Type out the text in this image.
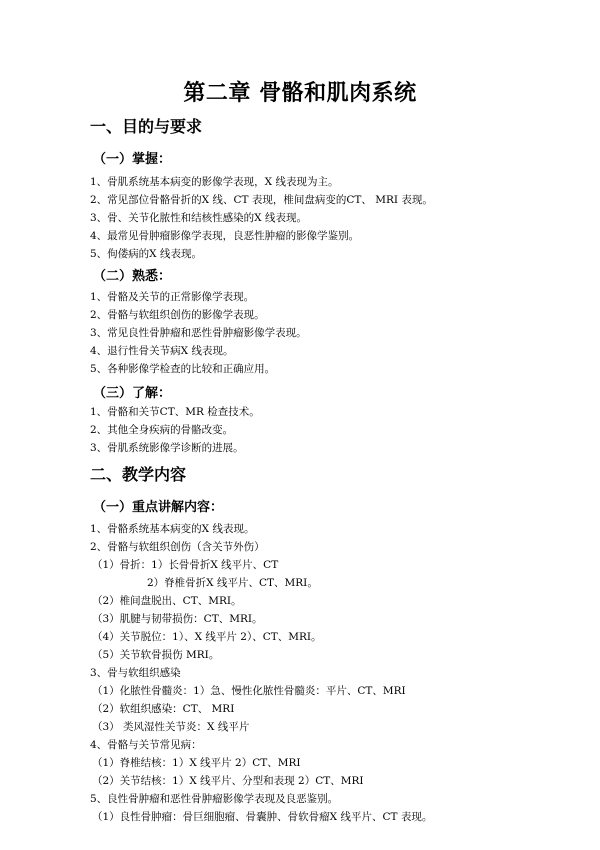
第二章 骨骼和肌肉系统
一、目的与要求
（一）掌握：
1、骨肌系统基本病变的影像学表现，X 线表现为主。
2、常见部位骨骼骨折的X 线、CT 表现，椎间盘病变的CT、 MRI 表现。
3、骨、关节化脓性和结核性感染的X 线表现。
4、最常见骨肿瘤影像学表现，良恶性肿瘤的影像学鉴别。
5、佝偻病的X 线表现。
（二）熟悉：
1、骨骼及关节的正常影像学表现。
2、骨骼与软组织创伤的影像学表现。
3、常见良性骨肿瘤和恶性骨肿瘤影像学表现。
4、退行性骨关节病X 线表现。
5、各种影像学检查的比较和正确应用。
（三）了解：
1、骨骼和关节CT、MR 检查技术。
2、其他全身疾病的骨骼改变。
3、骨肌系统影像学诊断的进展。
二、教学内容
（一）重点讲解内容：
1、骨骼系统基本病变的X 线表现。
2、骨骼与软组织创伤（含关节外伤）
（1）骨折：1）长骨骨折X 线平片、CT
2）脊椎骨折X 线平片、CT、MRI。
（2）椎间盘脱出、CT、MRI。
（3）肌腱与韧带损伤：CT、MRI。
（4）关节脱位：1）、X 线平片 2）、CT、MRI。
（5）关节软骨损伤 MRI。
3、骨与软组织感染
（1）化脓性骨髓炎：1）急、慢性化脓性骨髓炎：平片、CT、MRI
（2）软组织感染：CT、 MRI
（3） 类风湿性关节炎：X 线平片
4、骨骼与关节常见病：
（1）脊椎结核：1）X 线平片 2）CT、MRI
（2）关节结核：1）X 线平片、分型和表现 2）CT、MRI
5、良性骨肿瘤和恶性骨肿瘤影像学表现及良恶鉴别。
（1）良性骨肿瘤：骨巨细胞瘤、骨囊肿、骨软骨瘤X 线平片、CT 表现。
